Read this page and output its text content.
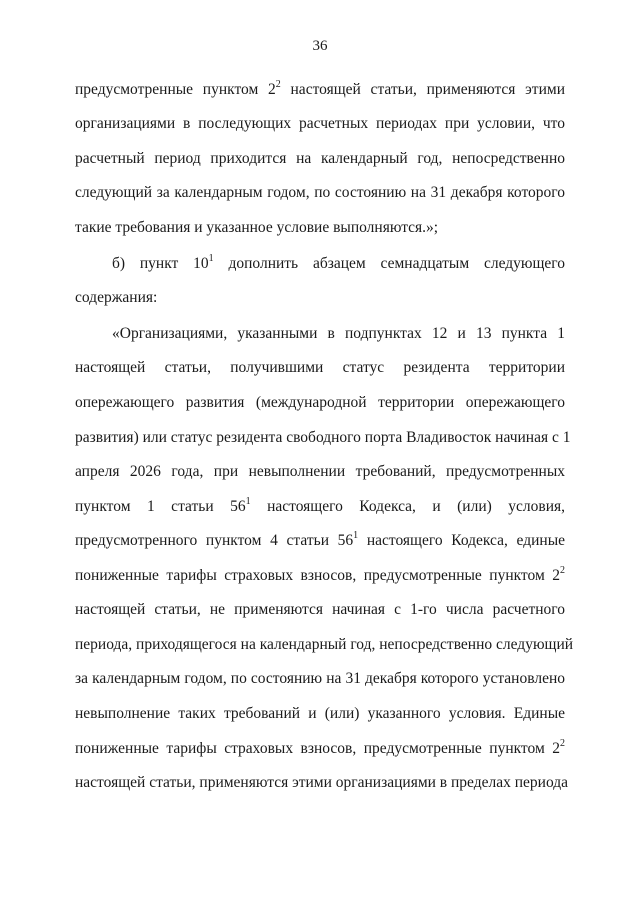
36
предусмотренные пунктом $2^2$ настоящей статьи, применяются этими
организациями в последующих расчетных периодах при условии, что
расчетный период приходится на календарный год, непосредственно
следующий за календарным годом, по состоянию на 31 декабря которого
такие требования и указанное условие выполняются.»;
б) пункт $10^1$ дополнить абзацем семнадцатым следующего
содержания:
«Организациями, указанными в подпунктах 12 и 13 пункта 1
настоящей статьи, получившими статус резидента территории
опережающего развития (международной территории опережающего
развития) или статус резидента свободного порта Владивосток начиная с 1
апреля 2026 года, при невыполнении требований, предусмотренных
пунктом 1 статьи $56^1$ настоящего Кодекса, и (или) условия,
предусмотренного пунктом 4 статьи $56^1$ настоящего Кодекса, единые
пониженные тарифы страховых взносов, предусмотренные пунктом $2^2$
настоящей статьи, не применяются начиная с 1-го числа расчетного
периода, приходящегося на календарный год, непосредственно следующий
за календарным годом, по состоянию на 31 декабря которого установлено
невыполнение таких требований и (или) указанного условия. Единые
пониженные тарифы страховых взносов, предусмотренные пунктом $2^2$
настоящей статьи, применяются этими организациями в пределах периода
